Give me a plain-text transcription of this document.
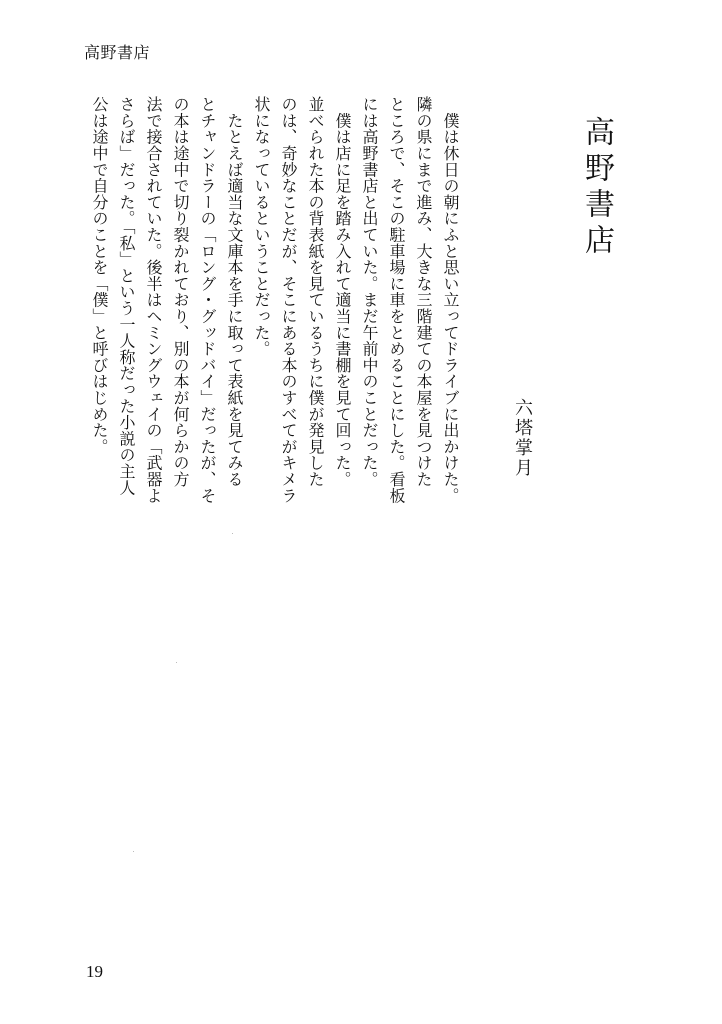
高野書店
高野書店
六塔掌月
　僕は休日の朝にふと思い立ってドライブに出かけた。
隣の県にまで進み、大きな三階建ての本屋を見つけた
ところで、そこの駐車場に車をとめることにした。看板
には高野書店と出ていた。まだ午前中のことだった。
　僕は店に足を踏み入れて適当に書棚を見て回った。
並べられた本の背表紙を見ているうちに僕が発見した
のは、奇妙なことだが、そこにある本のすべてがキメラ
状になっているということだった。
　たとえば適当な文庫本を手に取って表紙を見てみる
とチャンドラーの「ロング・グッドバイ」だったが、そ
の本は途中で切り裂かれており、別の本が何らかの方
法で接合されていた。後半はヘミングウェイの「武器よ
さらば」だった。「私」という一人称だった小説の主人
公は途中で自分のことを「僕」と呼びはじめた。
19
